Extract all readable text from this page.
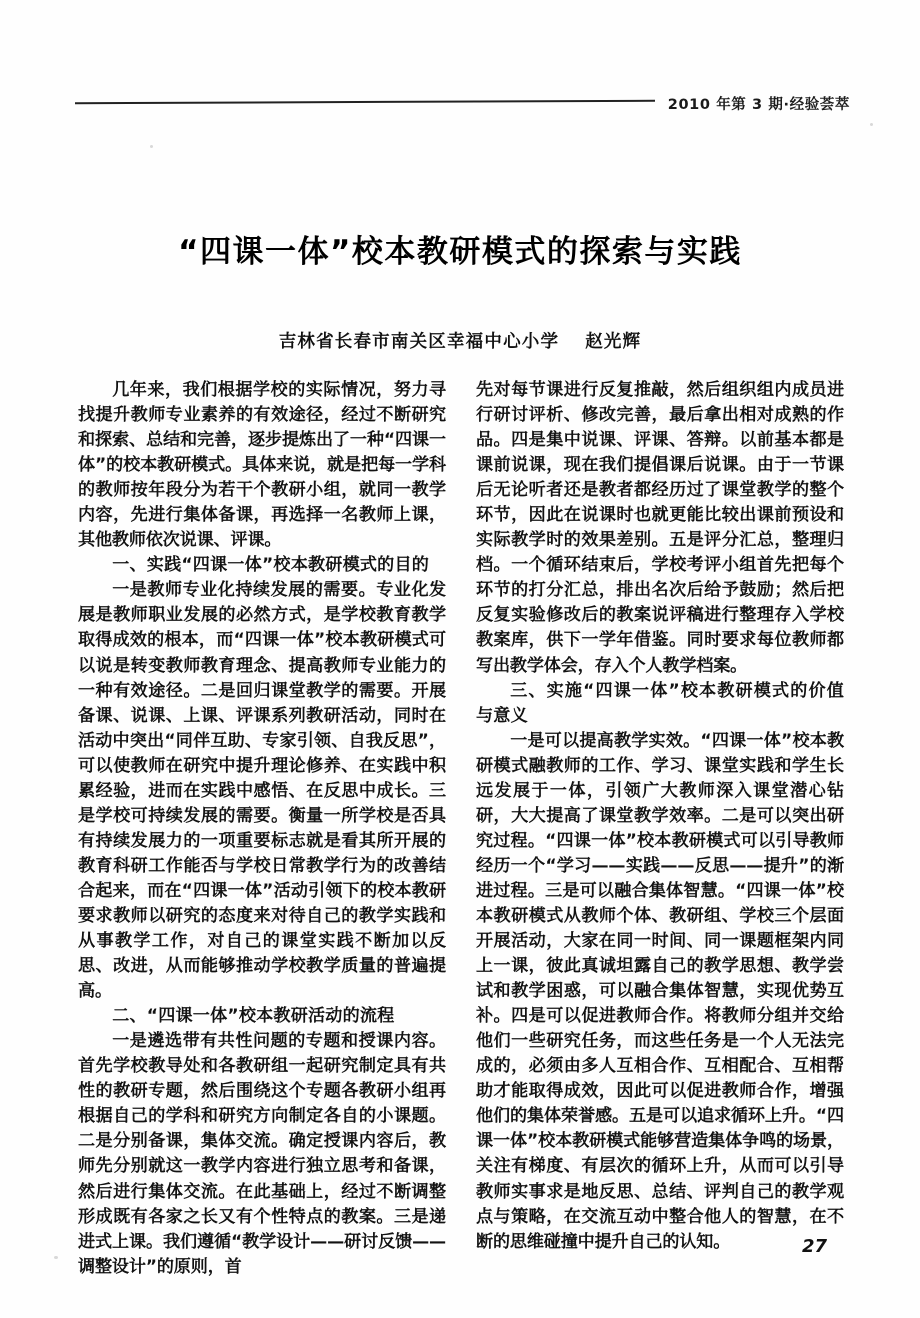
2010 年第 3 期·经验荟萃
“四课一体”校本教研模式的探索与实践
吉林省长春市南关区幸福中心小学 赵光辉

几年来，我们根据学校的实际情况，努力寻找提升教师专业素养的有效途径，经过不断研究和探索、总结和完善，逐步提炼出了一种“四课一体”的校本教研模式。具体来说，就是把每一学科的教师按年段分为若干个教研小组，就同一教学内容，先进行集体备课，再选择一名教师上课，其他教师依次说课、评课。

一、实践“四课一体”校本教研模式的目的

一是教师专业化持续发展的需要。专业化发展是教师职业发展的必然方式，是学校教育教学取得成效的根本，而“四课一体”校本教研模式可以说是转变教师教育理念、提高教师专业能力的一种有效途径。二是回归课堂教学的需要。开展备课、说课、上课、评课系列教研活动，同时在活动中突出“同伴互助、专家引领、自我反思”，可以使教师在研究中提升理论修养、在实践中积累经验，进而在实践中感悟、在反思中成长。三是学校可持续发展的需要。衡量一所学校是否具有持续发展力的一项重要标志就是看其所开展的教育科研工作能否与学校日常教学行为的改善结合起来，而在“四课一体”活动引领下的校本教研要求教师以研究的态度来对待自己的教学实践和从事教学工作，对自己的课堂实践不断加以反思、改进，从而能够推动学校教学质量的普遍提高。

二、“四课一体”校本教研活动的流程

一是遴选带有共性问题的专题和授课内容。首先学校教导处和各教研组一起研究制定具有共性的教研专题，然后围绕这个专题各教研小组再根据自己的学科和研究方向制定各自的小课题。二是分别备课，集体交流。确定授课内容后，教师先分别就这一教学内容进行独立思考和备课，然后进行集体交流。在此基础上，经过不断调整形成既有各家之长又有个性特点的教案。三是递进式上课。我们遵循“教学设计——研讨反馈——调整设计”的原则，首

先对每节课进行反复推敲，然后组织组内成员进行研讨评析、修改完善，最后拿出相对成熟的作品。四是集中说课、评课、答辩。以前基本都是课前说课，现在我们提倡课后说课。由于一节课后无论听者还是教者都经历过了课堂教学的整个环节，因此在说课时也就更能比较出课前预设和实际教学时的效果差别。五是评分汇总，整理归档。一个循环结束后，学校考评小组首先把每个环节的打分汇总，排出名次后给予鼓励；然后把反复实验修改后的教案说评稿进行整理存入学校教案库，供下一学年借鉴。同时要求每位教师都写出教学体会，存入个人教学档案。

三、实施“四课一体”校本教研模式的价值与意义

一是可以提高教学实效。“四课一体”校本教研模式融教师的工作、学习、课堂实践和学生长远发展于一体，引领广大教师深入课堂潜心钻研，大大提高了课堂教学效率。二是可以突出研究过程。“四课一体”校本教研模式可以引导教师经历一个“学习——实践——反思——提升”的渐进过程。三是可以融合集体智慧。“四课一体”校本教研模式从教师个体、教研组、学校三个层面开展活动，大家在同一时间、同一课题框架内同上一课，彼此真诚坦露自己的教学思想、教学尝试和教学困惑，可以融合集体智慧，实现优势互补。四是可以促进教师合作。将教师分组并交给他们一些研究任务，而这些任务是一个人无法完成的，必须由多人互相合作、互相配合、互相帮助才能取得成效，因此可以促进教师合作，增强他们的集体荣誉感。五是可以追求循环上升。“四课一体”校本教研模式能够营造集体争鸣的场景，关注有梯度、有层次的循环上升，从而可以引导教师实事求是地反思、总结、评判自己的教学观点与策略，在交流互动中整合他人的智慧，在不断的思维碰撞中提升自己的认知。	27
